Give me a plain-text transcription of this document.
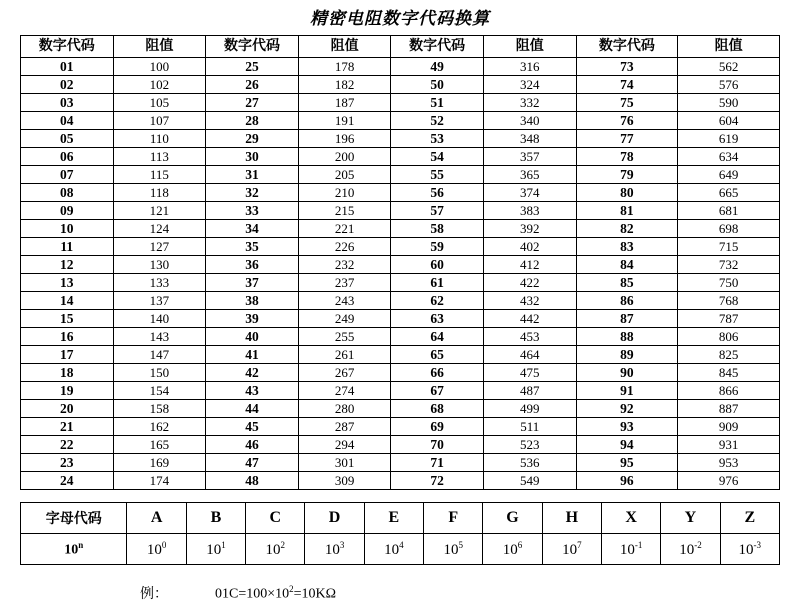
精密电阻数字代码换算
数字代码	阻值	数字代码	阻值	数字代码	阻值	数字代码	阻值
01	100	25	178	49	316	73	562
02	102	26	182	50	324	74	576
03	105	27	187	51	332	75	590
04	107	28	191	52	340	76	604
05	110	29	196	53	348	77	619
06	113	30	200	54	357	78	634
07	115	31	205	55	365	79	649
08	118	32	210	56	374	80	665
09	121	33	215	57	383	81	681
10	124	34	221	58	392	82	698
11	127	35	226	59	402	83	715
12	130	36	232	60	412	84	732
13	133	37	237	61	422	85	750
14	137	38	243	62	432	86	768
15	140	39	249	63	442	87	787
16	143	40	255	64	453	88	806
17	147	41	261	65	464	89	825
18	150	42	267	66	475	90	845
19	154	43	274	67	487	91	866
20	158	44	280	68	499	92	887
21	162	45	287	69	511	93	909
22	165	46	294	70	523	94	931
23	169	47	301	71	536	95	953
24	174	48	309	72	549	96	976
字母代码	A	B	C	D	E	F	G	H	X	Y	Z
10$^n$	$10^0$	$10^1$	$10^2$	$10^3$	$10^4$	$10^5$	$10^6$	$10^7$	$10^{-1}$	$10^{-2}$	$10^{-3}$
例：	$01C=100\times 10^2=10K\Omega$
